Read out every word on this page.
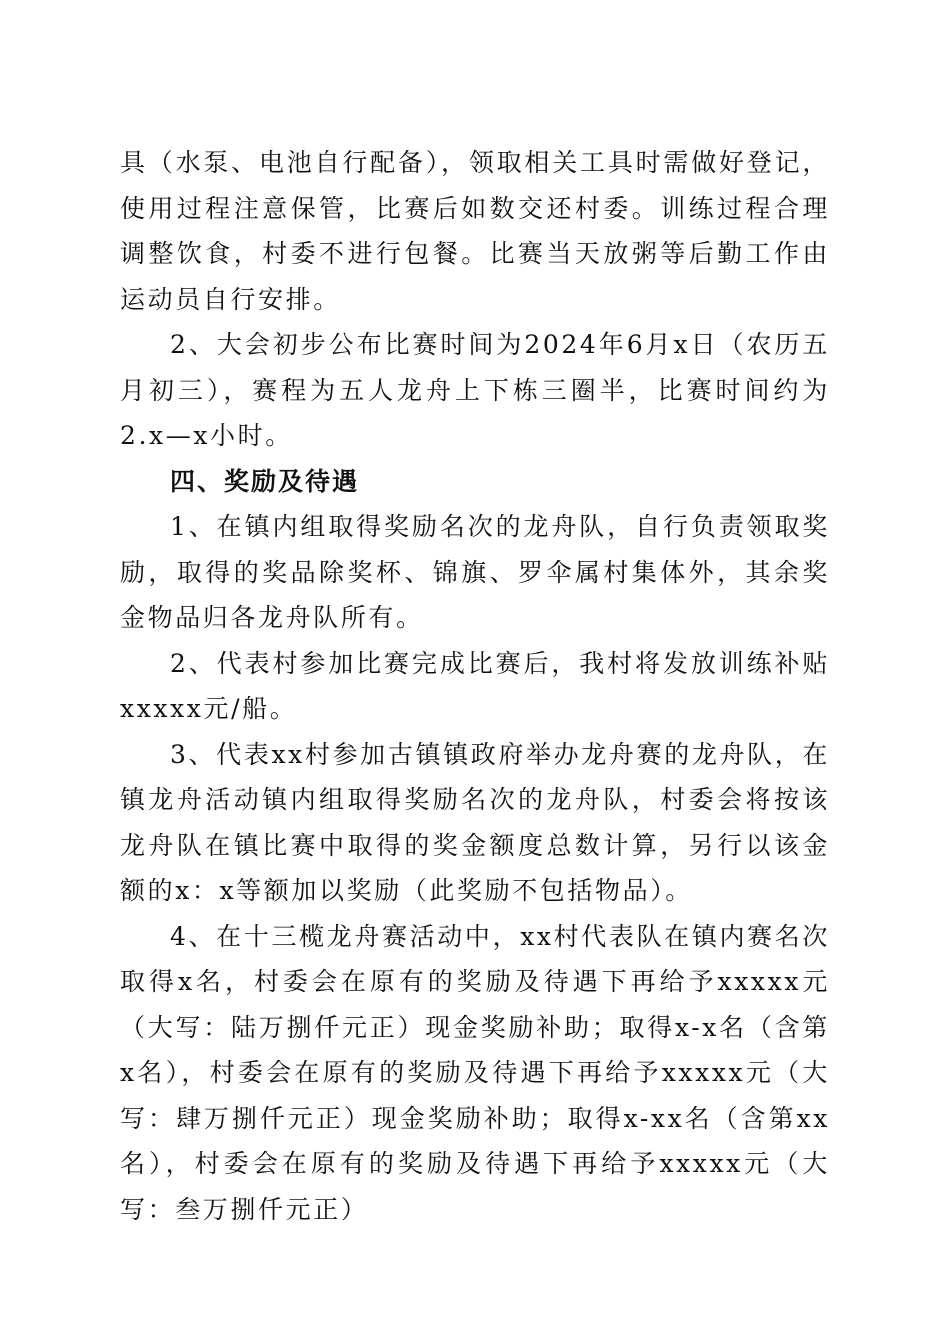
具（水泵、电池自行配备），领取相关工具时需做好登记，使用过程注意保管，比赛后如数交还村委。训练过程合理调整饮食，村委不进行包餐。比赛当天放粥等后勤工作由运动员自行安排。

2、大会初步公布比赛时间为2024年6月x日（农历五月初三），赛程为五人龙舟上下栋三圈半，比赛时间约为2.x—x小时。

四、奖励及待遇

1、在镇内组取得奖励名次的龙舟队，自行负责领取奖励，取得的奖品除奖杯、锦旗、罗伞属村集体外，其余奖金物品归各龙舟队所有。

2、代表村参加比赛完成比赛后，我村将发放训练补贴xxxxx元/船。

3、代表xx村参加古镇镇政府举办龙舟赛的龙舟队，在镇龙舟活动镇内组取得奖励名次的龙舟队，村委会将按该龙舟队在镇比赛中取得的奖金额度总数计算，另行以该金额的x：x等额加以奖励（此奖励不包括物品）。

4、在十三榄龙舟赛活动中，xx村代表队在镇内赛名次取得x名，村委会在原有的奖励及待遇下再给予xxxxx元（大写：陆万捌仟元正）现金奖励补助；取得x-x名（含第x名），村委会在原有的奖励及待遇下再给予xxxxx元（大写：肆万捌仟元正）现金奖励补助；取得x-xx名（含第xx名），村委会在原有的奖励及待遇下再给予xxxxx元（大写：叁万捌仟元正）
